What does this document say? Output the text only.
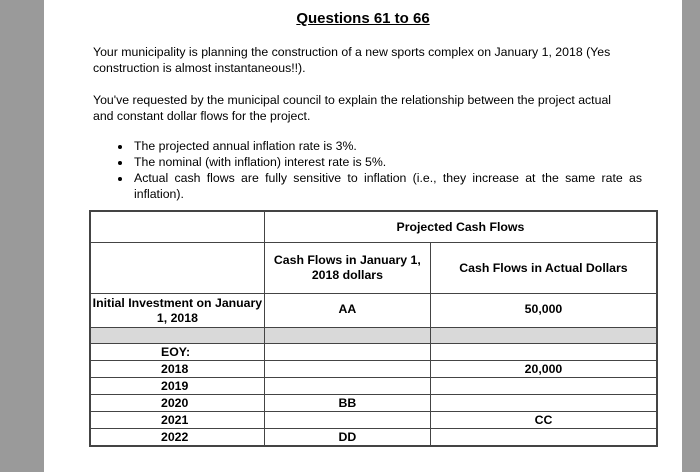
Questions 61 to 66
Your municipality is planning the construction of a new sports complex on January 1, 2018 (Yes construction is almost instantaneous!!).
You've requested by the municipal council to explain the relationship between the project actual and constant dollar flows for the project.
• The projected annual inflation rate is 3%.
• The nominal (with inflation) interest rate is 5%.
• Actual cash flows are fully sensitive to inflation (i.e., they increase at the same rate as inflation).
	Projected Cash Flows	
	Cash Flows in January 1, 2018 dollars	Cash Flows in Actual Dollars
Initial Investment on January 1, 2018	AA	50,000

EOY:		
2018		20,000
2019		
2020	BB	
2021		CC
2022	DD	
